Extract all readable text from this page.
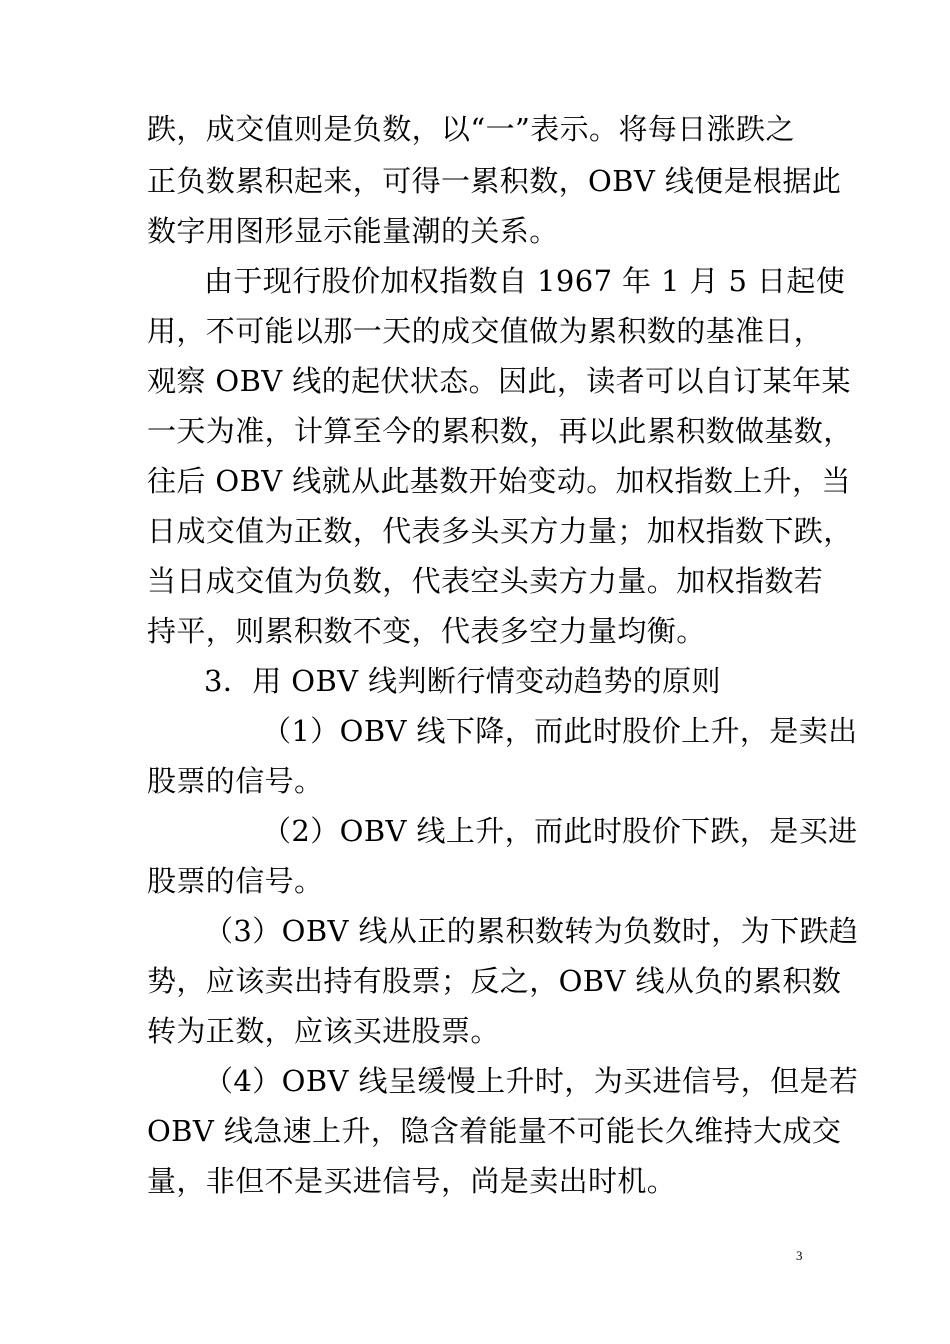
跌，成交值则是负数，以“一”表示。将每日涨跌之
正负数累积起来，可得一累积数，OBV 线便是根据此
数字用图形显示能量潮的关系。
由于现行股价加权指数自 1967 年 1 月 5 日起使
用，不可能以那一天的成交值做为累积数的基准日，
观察 OBV 线的起伏状态。因此，读者可以自订某年某
一天为准，计算至今的累积数，再以此累积数做基数，
往后 OBV 线就从此基数开始变动。加权指数上升，当
日成交值为正数，代表多头买方力量；加权指数下跌，
当日成交值为负数，代表空头卖方力量。加权指数若
持平，则累积数不变，代表多空力量均衡。
3．用 OBV 线判断行情变动趋势的原则
（1）OBV 线下降，而此时股价上升，是卖出
股票的信号。
（2）OBV 线上升，而此时股价下跌，是买进
股票的信号。
（3）OBV 线从正的累积数转为负数时，为下跌趋
势，应该卖出持有股票；反之，OBV 线从负的累积数
转为正数，应该买进股票。
（4）OBV 线呈缓慢上升时，为买进信号，但是若
OBV 线急速上升，隐含着能量不可能长久维持大成交
量，非但不是买进信号，尚是卖出时机。
3
